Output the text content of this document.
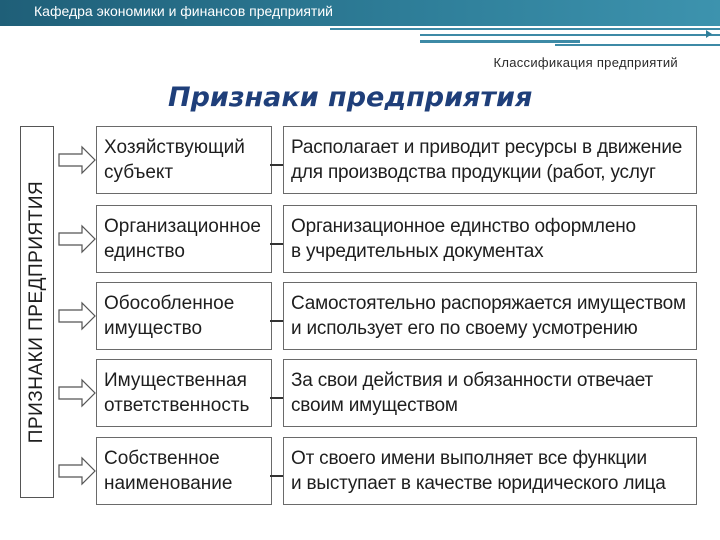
Кафедра экономики и финансов предприятий
Классификация предприятий
Признаки предприятия
ПРИЗНАКИ ПРЕДПРИЯТИЯ
Хозяйствующий
субъект
Располагает и приводит ресурсы в движение
для производства продукции (работ, услуг
Организационное
единство
Организационное единство оформлено
в учредительных документах
Обособленное
имущество
Самостоятельно распоряжается имуществом
и использует его по своему усмотрению
Имущественная
ответственность
За свои действия и обязанности отвечает
своим имуществом
Собственное
наименование
От своего имени выполняет все функции
и выступает в качестве юридического лица
